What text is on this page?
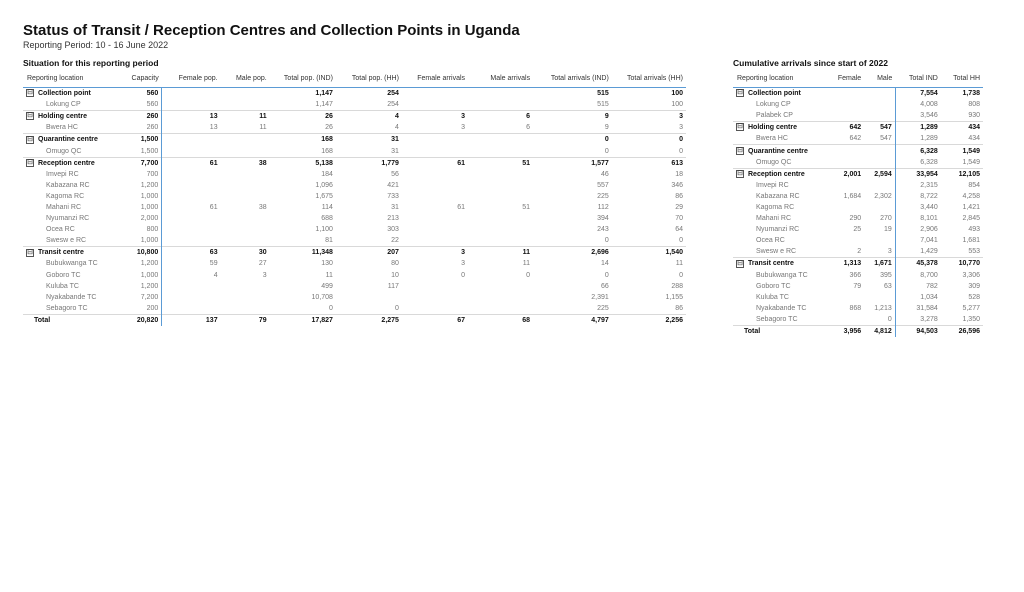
Status of Transit / Reception Centres and Collection Points in Uganda
Reporting Period: 10 - 16 June 2022
Situation for this reporting period	Cumulative arrivals since start of 2022
Reporting location	Capacity	Female pop.	Male pop.	Total pop. (IND)	Total pop. (HH)	Female arrivals	Male arrivals	Total arrivals (IND)	Total arrivals (HH)
⊟ Collection point	560			1,147	254			515	100
Lokung CP	560			1,147	254			515	100
⊟ Holding centre	260	13	11	26	4	3	6	9	3
Bwera HC	260	13	11	26	4	3	6	9	3
⊟ Quarantine centre	1,500			168	31			0	0
Omugo QC	1,500			168	31			0	0
⊟ Reception centre	7,700	61	38	5,138	1,779	61	51	1,577	613
Imvepi RC	700			184	56			46	18
Kabazana RC	1,200			1,096	421			557	346
Kagoma RC	1,000			1,675	733			225	86
Mahani RC	1,000	61	38	114	31	61	51	112	29
Nyumanzi RC	2,000			688	213			394	70
Ocea RC	800			1,100	303			243	64
Swesw e RC	1,000			81	22			0	0
⊟ Transit centre	10,800	63	30	11,348	207	3	11	2,696	1,540
Bubukwanga TC	1,200	59	27	130	80	3	11	14	11
Goboro TC	1,000	4	3	11	10	0	0	0	0
Kuluba TC	1,200			499	117			66	288
Nyakabande TC	7,200			10,708				2,391	1,155
Sebagoro TC	200			0	0			225	86
Total	20,820	137	79	17,827	2,275	67	68	4,797	2,256
Reporting location	Female	Male	Total IND	Total HH
⊟ Collection point			7,554	1,738
Lokung CP			4,008	808
Palabek CP			3,546	930
⊟ Holding centre	642	547	1,289	434
Bwera HC	642	547	1,289	434
⊟ Quarantine centre			6,328	1,549
Omugo QC			6,328	1,549
⊟ Reception centre	2,001	2,594	33,954	12,105
Imvepi RC			2,315	854
Kabazana RC	1,684	2,302	8,722	4,258
Kagoma RC			3,440	1,421
Mahani RC	290	270	8,101	2,845
Nyumanzi RC	25	19	2,906	493
Ocea RC			7,041	1,681
Swesw e RC	2	3	1,429	553
⊟ Transit centre	1,313	1,671	45,378	10,770
Bubukwanga TC	366	395	8,700	3,306
Goboro TC	79	63	782	309
Kuluba TC			1,034	528
Nyakabande TC	868	1,213	31,584	5,277
Sebagoro TC		0	3,278	1,350
Total	3,956	4,812	94,503	26,596
